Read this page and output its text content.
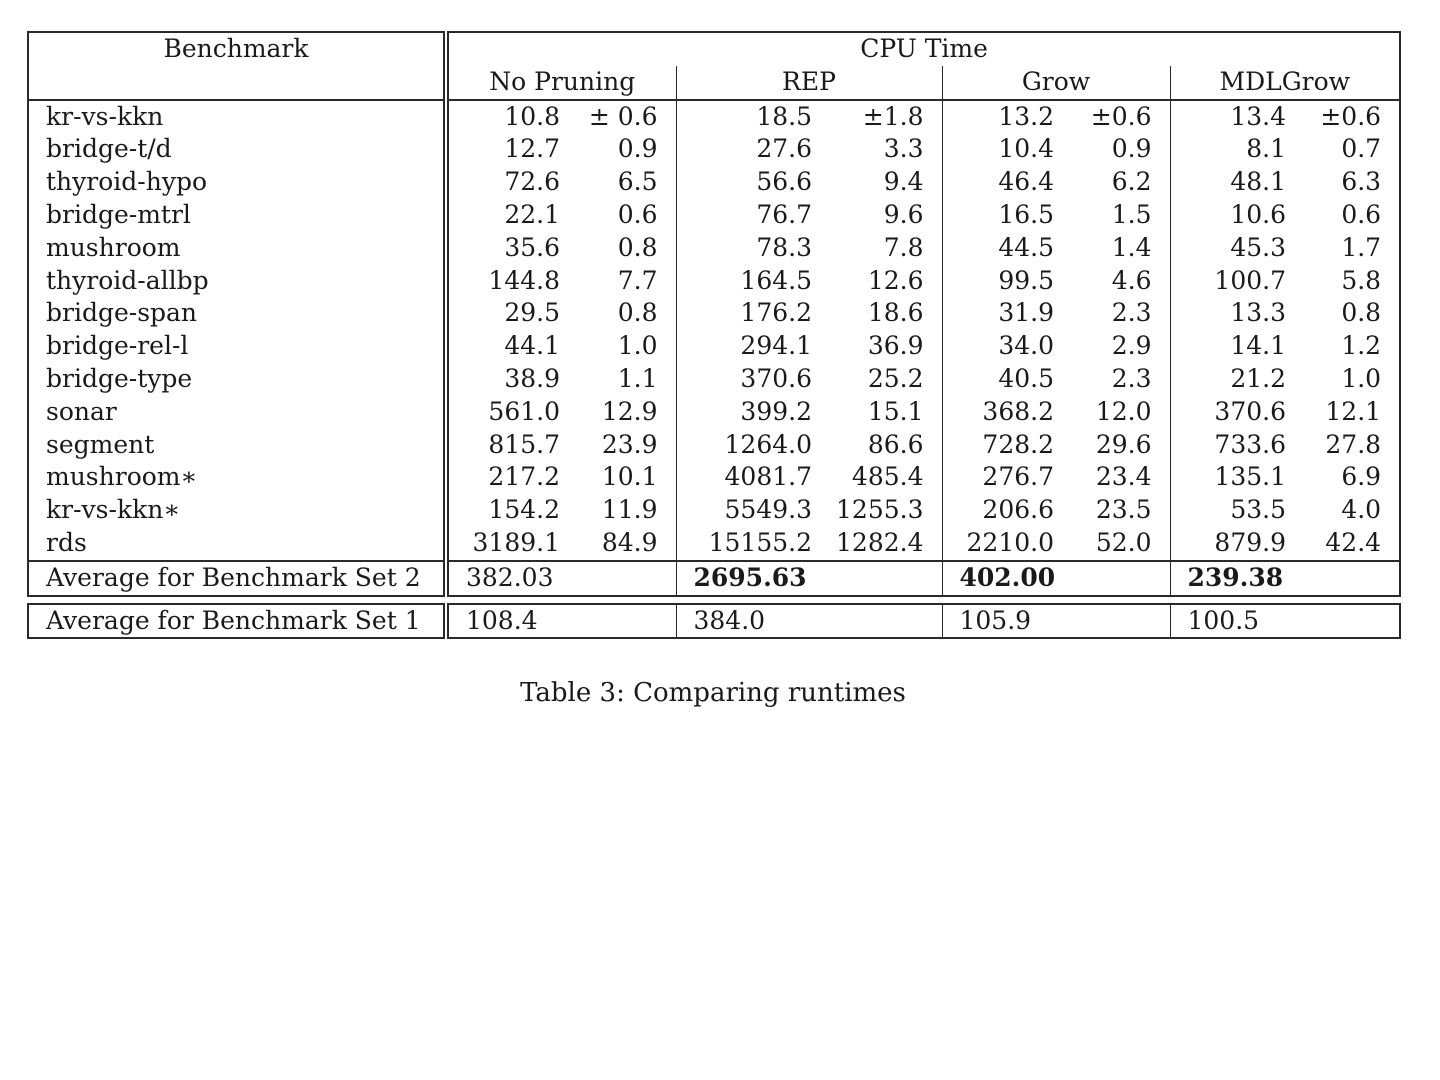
Benchmark	CPU Time							
	No Pruning		REP		Grow		MDLGrow	
kr-vs-kkn	10.8	± 0.6	18.5	±1.8	13.2	±0.6	13.4	±0.6
bridge-t/d	12.7	0.9	27.6	3.3	10.4	0.9	8.1	0.7
thyroid-hypo	72.6	6.5	56.6	9.4	46.4	6.2	48.1	6.3
bridge-mtrl	22.1	0.6	76.7	9.6	16.5	1.5	10.6	0.6
mushroom	35.6	0.8	78.3	7.8	44.5	1.4	45.3	1.7
thyroid-allbp	144.8	7.7	164.5	12.6	99.5	4.6	100.7	5.8
bridge-span	29.5	0.8	176.2	18.6	31.9	2.3	13.3	0.8
bridge-rel-l	44.1	1.0	294.1	36.9	34.0	2.9	14.1	1.2
bridge-type	38.9	1.1	370.6	25.2	40.5	2.3	21.2	1.0
sonar	561.0	12.9	399.2	15.1	368.2	12.0	370.6	12.1
segment	815.7	23.9	1264.0	86.6	728.2	29.6	733.6	27.8
mushroom∗	217.2	10.1	4081.7	485.4	276.7	23.4	135.1	6.9
kr-vs-kkn∗	154.2	11.9	5549.3	1255.3	206.6	23.5	53.5	4.0
rds	3189.1	84.9	15155.2	1282.4	2210.0	52.0	879.9	42.4
Average for Benchmark Set 2	382.03		2695.63		402.00		239.38	
Average for Benchmark Set 1	108.4	384.0	105.9	100.5
Table 3: Comparing runtimes
